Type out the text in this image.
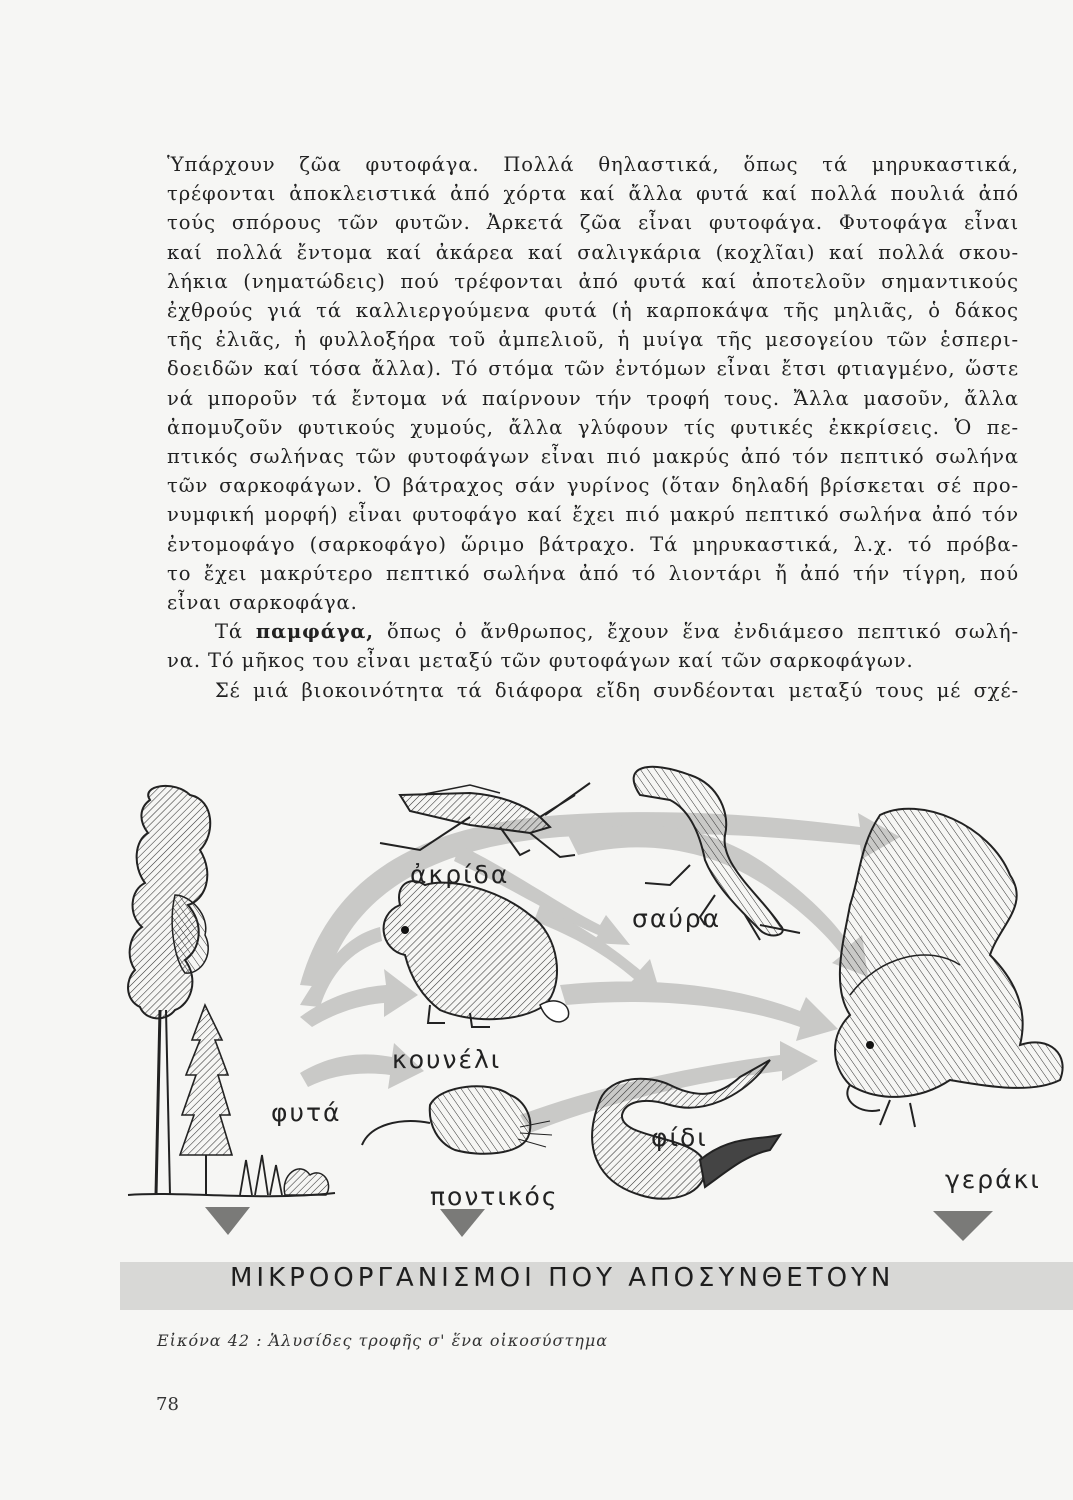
Ὑπάρχουν ζῶα φυτοφάγα. Πολλά θηλαστικά, ὅπως τά μηρυκαστικά,
τρέφονται ἀποκλειστικά ἀπό χόρτα καί ἄλλα φυτά καί πολλά πουλιά ἀπό
τούς σπόρους τῶν φυτῶν. Ἀρκετά ζῶα εἶναι φυτοφάγα. Φυτοφάγα εἶναι
καί πολλά ἔντομα καί ἀκάρεα καί σαλιγκάρια (κοχλῖαι) καί πολλά σκου-
λήκια (νηματώδεις) πού τρέφονται ἀπό φυτά καί ἀποτελοῦν σημαντικούς
ἐχθρούς γιά τά καλλιεργούμενα φυτά (ἡ καρποκάψα τῆς μηλιᾶς, ὁ δάκος
τῆς ἐλιᾶς, ἡ φυλλοξήρα τοῦ ἀμπελιοῦ, ἡ μυίγα τῆς μεσογείου τῶν ἑσπερι-
δοειδῶν καί τόσα ἄλλα). Τό στόμα τῶν ἐντόμων εἶναι ἔτσι φτιαγμένο, ὥστε
νά μποροῦν τά ἔντομα νά παίρνουν τήν τροφή τους. Ἄλλα μασοῦν, ἄλλα
ἀπομυζοῦν φυτικούς χυμούς, ἄλλα γλύφουν τίς φυτικές ἐκκρίσεις. Ὁ πε-
πτικός σωλήνας τῶν φυτοφάγων εἶναι πιό μακρύς ἀπό τόν πεπτικό σωλήνα
τῶν σαρκοφάγων. Ὁ βάτραχος σάν γυρίνος (ὅταν δηλαδή βρίσκεται σέ προ-
νυμφική μορφή) εἶναι φυτοφάγο καί ἔχει πιό μακρύ πεπτικό σωλήνα ἀπό τόν
ἐντομοφάγο (σαρκοφάγο) ὥριμο βάτραχο. Τά μηρυκαστικά, λ.χ. τό πρόβα-
το ἔχει μακρύτερο πεπτικό σωλήνα ἀπό τό λιοντάρι ἤ ἀπό τήν τίγρη, πού
εἶναι σαρκοφάγα.
Τά παμφάγα, ὅπως ὁ ἄνθρωπος, ἔχουν ἕνα ἐνδιάμεσο πεπτικό σωλή-
να. Τό μῆκος του εἶναι μεταξύ τῶν φυτοφάγων καί τῶν σαρκοφάγων.
Σέ μιά βιοκοινότητα τά διάφορα εἴδη συνδέονται μεταξύ τους μέ σχέ-
ἀκρίδα
σαύρα
κουνέλι
φυτά
φίδι
γεράκι
ποντικός
ΜΙΚΡΟΟΡΓΑΝΙΣΜΟΙ ΠΟΥ ΑΠΟΣΥΝΘΕΤΟΥΝ
Εἰκόνα 42 : Ἁλυσίδες τροφῆς σ' ἕνα οἰκοσύστημα
78
